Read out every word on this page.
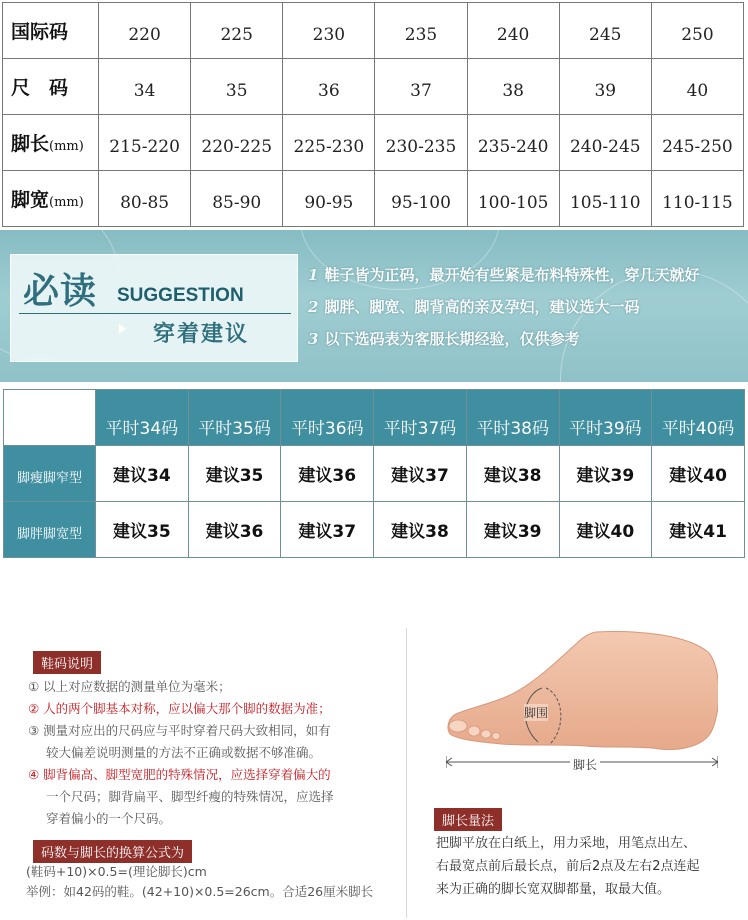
国际码	220	225	230	235	240	245	250
尺　码	34	35	36	37	38	39	40
脚长(mm)	215-220	220-225	225-230	230-235	235-240	240-245	245-250
脚宽(mm)	80-85	85-90	90-95	95-100	100-105	105-110	110-115
必读 SUGGESTION
穿着建议
1 鞋子皆为正码，最开始有些紧是布料特殊性，穿几天就好
2 脚胖、脚宽、脚背高的亲及孕妇，建议选大一码
3 以下选码表为客服长期经验，仅供参考
	平时34码	平时35码	平时36码	平时37码	平时38码	平时39码	平时40码
脚瘦脚窄型	建议34	建议35	建议36	建议37	建议38	建议39	建议40
脚胖脚宽型	建议35	建议36	建议37	建议38	建议39	建议40	建议41
鞋码说明
① 以上对应数据的测量单位为毫米；
② 人的两个脚基本对称，应以偏大那个脚的数据为准；
③ 测量对应出的尺码应与平时穿着尺码大致相同，如有
较大偏差说明测量的方法不正确或数据不够准确。
④ 脚背偏高、脚型宽肥的特殊情况，应选择穿着偏大的
一个尺码；脚背扁平、脚型纤瘦的特殊情况，应选择
穿着偏小的一个尺码。
码数与脚长的换算公式为
(鞋码+10)×0.5=(理论脚长)cm
举例：如42码的鞋。(42+10)×0.5=26cm。合适26厘米脚长
脚围
脚长
脚长量法
把脚平放在白纸上，用力采地，用笔点出左、
右最宽点前后最长点，前后2点及左右2点连起
来为正确的脚长宽双脚都量，取最大值。
